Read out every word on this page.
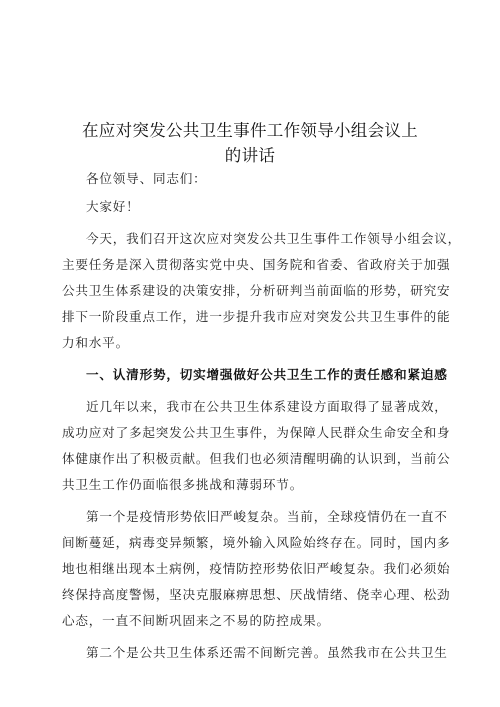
在应对突发公共卫生事件工作领导小组会议上
的讲话
各位领导、同志们：
大家好！
今天，我们召开这次应对突发公共卫生事件工作领导小组会议，
主要任务是深入贯彻落实党中央、国务院和省委、省政府关于加强
公共卫生体系建设的决策安排，分析研判当前面临的形势，研究安
排下一阶段重点工作，进一步提升我市应对突发公共卫生事件的能
力和水平。
一、认清形势，切实增强做好公共卫生工作的责任感和紧迫感
近几年以来，我市在公共卫生体系建设方面取得了显著成效，
成功应对了多起突发公共卫生事件，为保障人民群众生命安全和身
体健康作出了积极贡献。但我们也必须清醒明确的认识到，当前公
共卫生工作仍面临很多挑战和薄弱环节。
第一个是疫情形势依旧严峻复杂。当前，全球疫情仍在一直不
间断蔓延，病毒变异频繁，境外输入风险始终存在。同时，国内多
地也相继出现本土病例，疫情防控形势依旧严峻复杂。我们必须始
终保持高度警惕，坚决克服麻痹思想、厌战情绪、侥幸心理、松劲
心态，一直不间断巩固来之不易的防控成果。
第二个是公共卫生体系还需不间断完善。虽然我市在公共卫生
